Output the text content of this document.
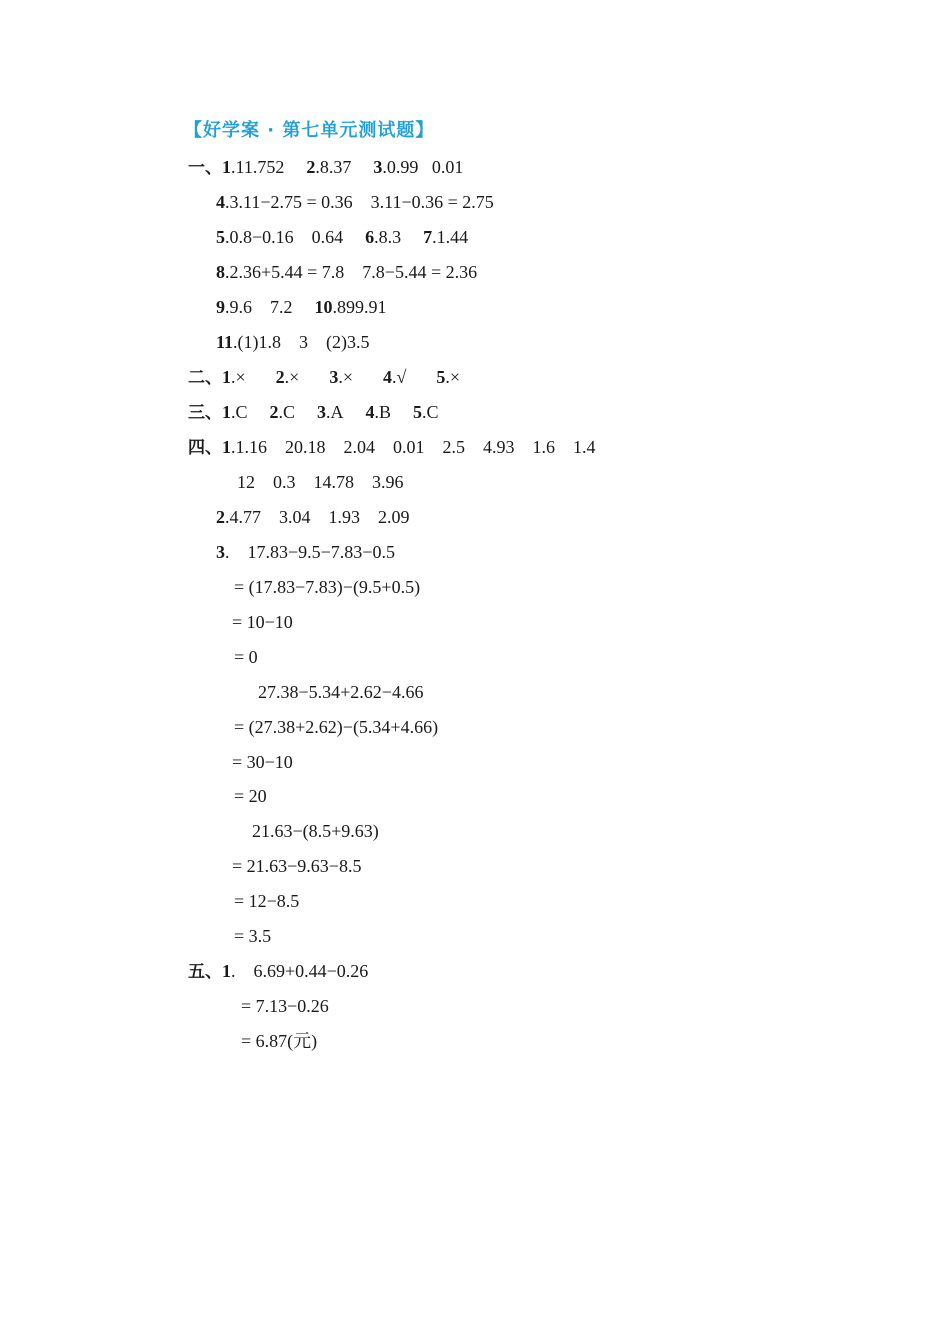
【好学案 · 第七单元测试题】
一、1.11.752 2.8.37 3.0.99   0.01
4.3.11−2.75 = 0.36    3.11−0.36 = 2.75
5.0.8−0.16    0.64 6.8.3 7.1.44
8.2.36+5.44 = 7.8    7.8−5.44 = 2.36
9.9.6    7.2 10.899.91
11.(1)1.8    3    (2)3.5
二、1.× 2.× 3.× 4.√ 5.×
三、1.C 2.C 3.A 4.B 5.C
四、1.1.16    20.18    2.04    0.01    2.5    4.93    1.6    1.4
12    0.3    14.78    3.96
2.4.77    3.04    1.93    2.09
3.    17.83−9.5−7.83−0.5
= (17.83−7.83)−(9.5+0.5)
= 10−10
= 0
27.38−5.34+2.62−4.66
= (27.38+2.62)−(5.34+4.66)
= 30−10
= 20
21.63−(8.5+9.63)
= 21.63−9.63−8.5
= 12−8.5
= 3.5
五、1.    6.69+0.44−0.26
= 7.13−0.26
= 6.87(元)
